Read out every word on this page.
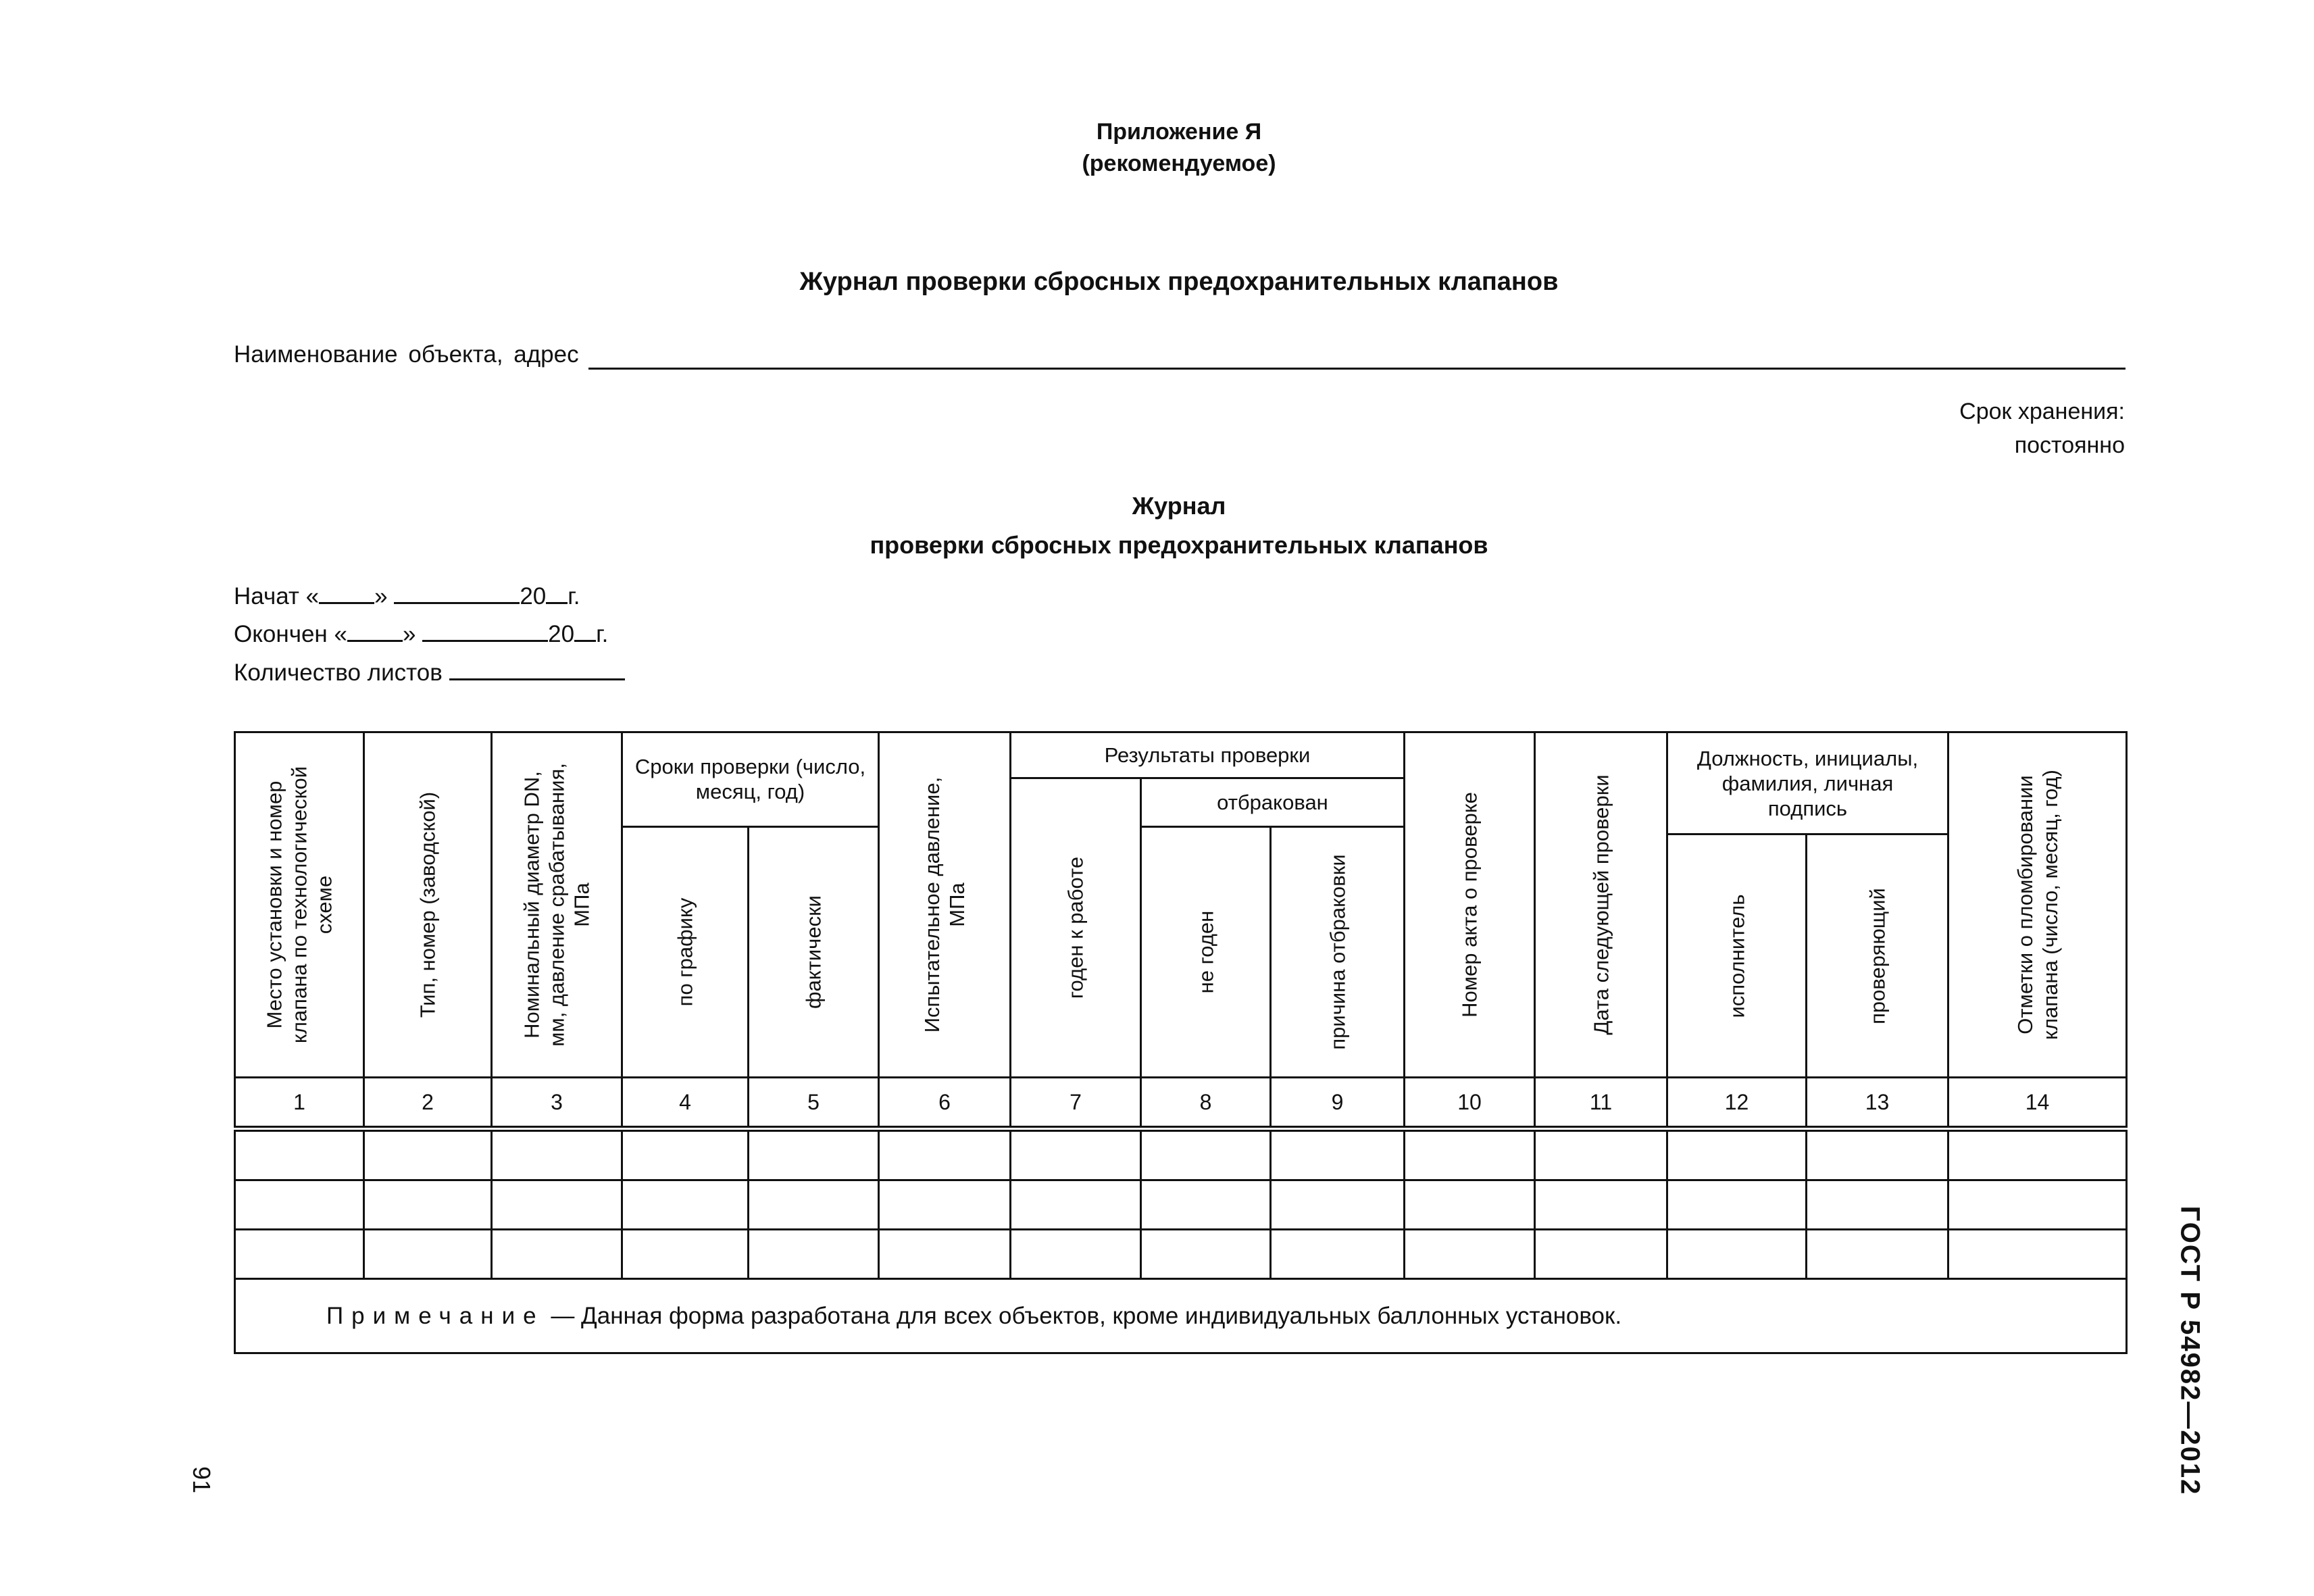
Приложение Я
(рекомендуемое)
Журнал проверки сбросных предохранительных клапанов
Наименование объекта, адрес
Срок хранения:
постоянно
Журнал
проверки сбросных предохранительных клапанов
Начат « »	20 г.
Окончен « »	20 г.
Количество листов
Место установки и номер клапана по технологической схеме	Тип, номер (заводской)	Номинальный диаметр DN, мм, давление срабатывания, МПа	Сроки проверки (число, месяц, год)		Испытательное давление, МПа	Результаты проверки			Номер акта о проверке	Дата следующей проверки	Должность, инициалы, фамилия, личная подпись		Отметки о пломбировании клапана (число, месяц, год)

						годен к работе	отбракован						

			по графику	фактически			не годен	причина отбраковки					

											исполнитель	проверяющий	

1	2	3	4	5	6	7	8	9	10	11	12	13	14

Примечание — Данная форма разработана для всех объектов, кроме индивидуальных баллонных установок.														ГОСТ Р 54982—2012
91
